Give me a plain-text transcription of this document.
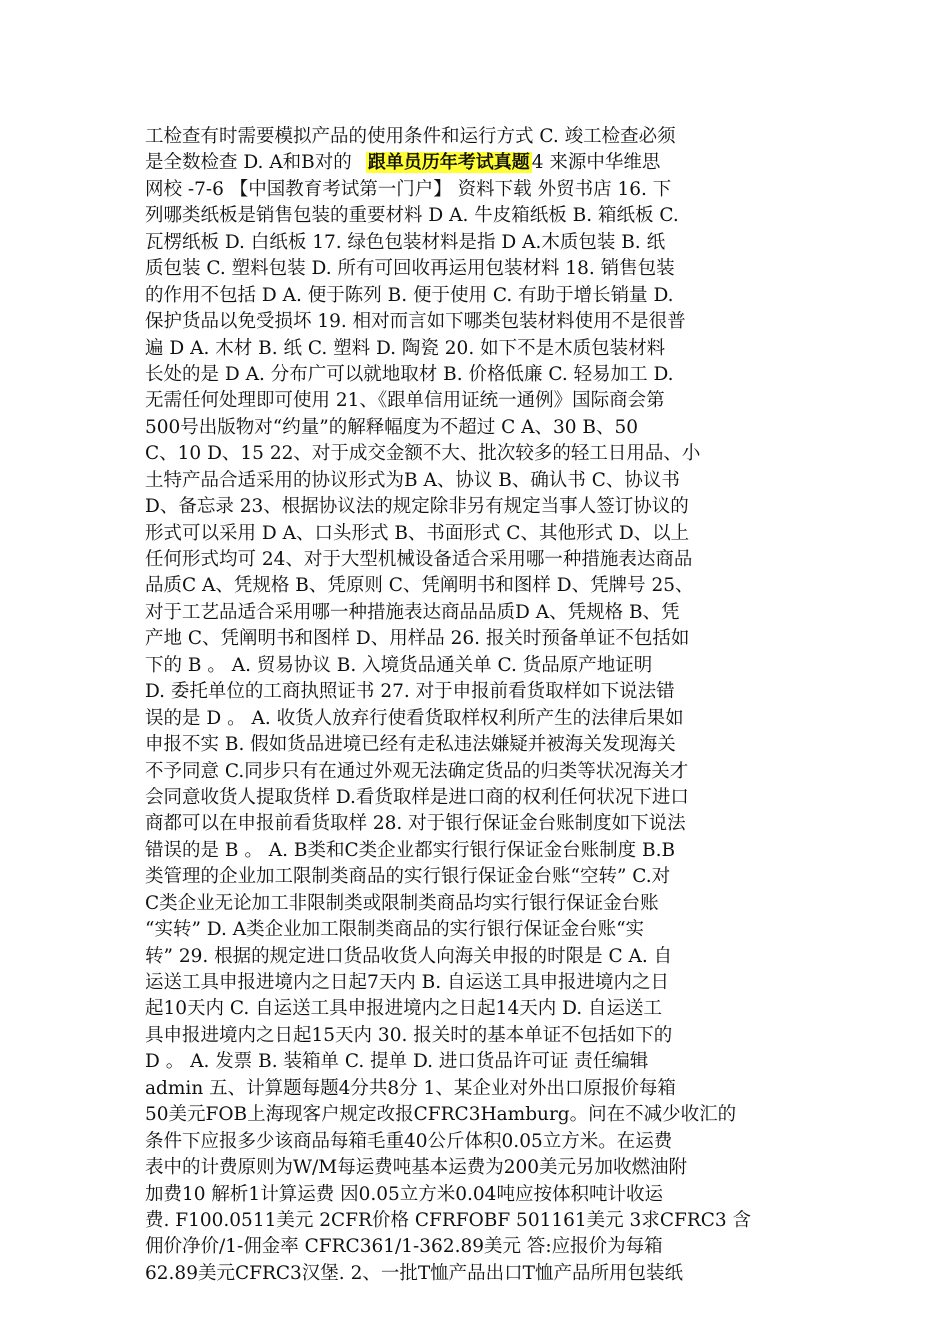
工检查有时需要模拟产品的使用条件和运行方式 C. 竣工检查必须
是全数检查 D. A和B对的 跟单员历年考试真题 4 来源中华维思
网校 -7-6 【中国教育考试第一门户】 资料下载 外贸书店 16. 下
列哪类纸板是销售包装的重要材料 D A. 牛皮箱纸板 B. 箱纸板 C.
瓦楞纸板 D. 白纸板 17. 绿色包装材料是指 D A.木质包装 B. 纸
质包装 C. 塑料包装 D. 所有可回收再运用包装材料 18. 销售包装
的作用不包括 D A. 便于陈列 B. 便于使用 C. 有助于增长销量 D.
保护货品以免受损坏 19. 相对而言如下哪类包装材料使用不是很普
遍 D A. 木材 B. 纸 C. 塑料 D. 陶瓷 20. 如下不是木质包装材料
长处的是 D A. 分布广可以就地取材 B. 价格低廉 C. 轻易加工 D.
无需任何处理即可使用 21、《跟单信用证统一通例》国际商会第
500号出版物对“约量”的解释幅度为不超过 C A、30 B、50
C、10 D、15 22、对于成交金额不大、批次较多的轻工日用品、小
土特产品合适采用的协议形式为B A、协议 B、确认书 C、协议书
D、备忘录 23、根据协议法的规定除非另有规定当事人签订协议的
形式可以采用 D A、口头形式 B、书面形式 C、其他形式 D、以上
任何形式均可 24、对于大型机械设备适合采用哪一种措施表达商品
品质C A、凭规格 B、凭原则 C、凭阐明书和图样 D、凭牌号 25、
对于工艺品适合采用哪一种措施表达商品品质D A、凭规格 B、凭
产地 C、凭阐明书和图样 D、用样品 26. 报关时预备单证不包括如
下的 B 。 A. 贸易协议 B. 入境货品通关单 C. 货品原产地证明
D. 委托单位的工商执照证书 27. 对于申报前看货取样如下说法错
误的是 D 。 A. 收货人放弃行使看货取样权利所产生的法律后果如
申报不实 B. 假如货品进境已经有走私违法嫌疑并被海关发现海关
不予同意 C.同步只有在通过外观无法确定货品的归类等状况海关才
会同意收货人提取货样 D.看货取样是进口商的权利任何状况下进口
商都可以在申报前看货取样 28. 对于银行保证金台账制度如下说法
错误的是 B 。 A. B类和C类企业都实行银行保证金台账制度 B.B
类管理的企业加工限制类商品的实行银行保证金台账“空转” C.对
C类企业无论加工非限制类或限制类商品均实行银行保证金台账
“实转” D. A类企业加工限制类商品的实行银行保证金台账“实
转” 29. 根据的规定进口货品收货人向海关申报的时限是 C A. 自
运送工具申报进境内之日起7天内 B. 自运送工具申报进境内之日
起10天内 C. 自运送工具申报进境内之日起14天内 D. 自运送工
具申报进境内之日起15天内 30. 报关时的基本单证不包括如下的
D 。 A. 发票 B. 装箱单 C. 提单 D. 进口货品许可证 责任编辑
admin 五、计算题每题4分共8分 1、某企业对外出口原报价每箱
50美元FOB上海现客户规定改报CFRC3Hamburg。问在不减少收汇的
条件下应报多少该商品每箱毛重40公斤体积0.05立方米。在运费
表中的计费原则为W/M每运费吨基本运费为200美元另加收燃油附
加费10 解析1计算运费 因0.05立方米0.04吨应按体积吨计收运
费. F100.0511美元 2CFR价格 CFRFOBF 501161美元 3求CFRC3 含
佣价净价/1-佣金率 CFRC361/1-362.89美元 答:应报价为每箱
62.89美元CFRC3汉堡. 2、一批T恤产品出口T恤产品所用包装纸
